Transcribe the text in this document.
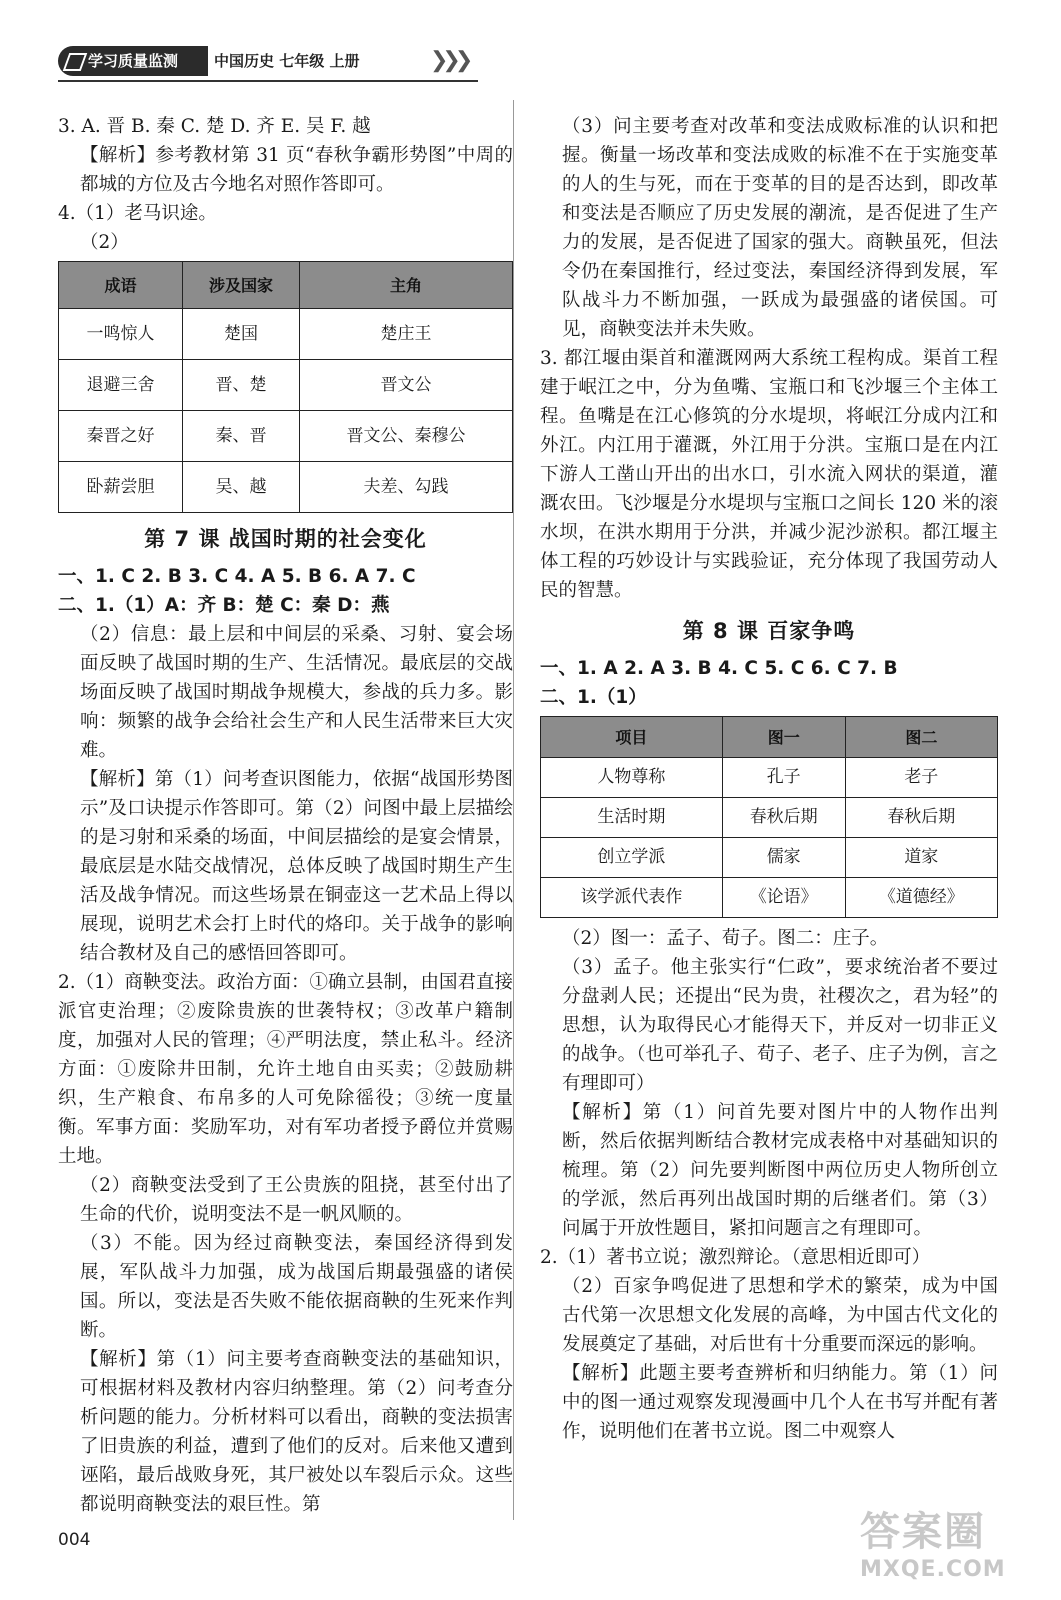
学习质量监测	中国历史 七年级 上册	❯❯❯

3. A. 晋 B. 秦 C. 楚 D. 齐 E. 吴 F. 越

【解析】参考教材第 31 页“春秋争霸形势图”中周的都城的方位及古今地名对照作答即可。

4.（1）老马识途。

（2）

成语	涉及国家	主角
一鸣惊人	楚国	楚庄王
退避三舍	晋、楚	晋文公
秦晋之好	秦、晋	晋文公、秦穆公
卧薪尝胆	吴、越	夫差、勾践
第 7 课 战国时期的社会变化

一、1. C 2. B 3. C 4. A 5. B 6. A 7. C

二、1.（1）A：齐 B：楚 C：秦 D：燕

（2）信息：最上层和中间层的采桑、习射、宴会场面反映了战国时期的生产、生活情况。最底层的交战场面反映了战国时期战争规模大，参战的兵力多。影响：频繁的战争会给社会生产和人民生活带来巨大灾难。

【解析】第（1）问考查识图能力，依据“战国形势图示”及口诀提示作答即可。第（2）问图中最上层描绘的是习射和采桑的场面，中间层描绘的是宴会情景，最底层是水陆交战情况，总体反映了战国时期生产生活及战争情况。而这些场景在铜壶这一艺术品上得以展现，说明艺术会打上时代的烙印。关于战争的影响结合教材及自己的感悟回答即可。

2.（1）商鞅变法。政治方面：①确立县制，由国君直接派官吏治理；②废除贵族的世袭特权；③改革户籍制度，加强对人民的管理；④严明法度，禁止私斗。经济方面：①废除井田制，允许土地自由买卖；②鼓励耕织，生产粮食、布帛多的人可免除徭役；③统一度量衡。军事方面：奖励军功，对有军功者授予爵位并赏赐土地。

（2）商鞅变法受到了王公贵族的阻挠，甚至付出了生命的代价，说明变法不是一帆风顺的。

（3）不能。因为经过商鞅变法，秦国经济得到发展，军队战斗力加强，成为战国后期最强盛的诸侯国。所以，变法是否失败不能依据商鞅的生死来作判断。

【解析】第（1）问主要考查商鞅变法的基础知识，可根据材料及教材内容归纳整理。第（2）问考查分析问题的能力。分析材料可以看出，商鞅的变法损害了旧贵族的利益，遭到了他们的反对。后来他又遭到诬陷，最后战败身死，其尸被处以车裂后示众。这些都说明商鞅变法的艰巨性。第

（3）问主要考查对改革和变法成败标准的认识和把握。衡量一场改革和变法成败的标准不在于实施变革的人的生与死，而在于变革的目的是否达到，即改革和变法是否顺应了历史发展的潮流，是否促进了生产力的发展，是否促进了国家的强大。商鞅虽死，但法令仍在秦国推行，经过变法，秦国经济得到发展，军队战斗力不断加强，一跃成为最强盛的诸侯国。可见，商鞅变法并未失败。

3. 都江堰由渠首和灌溉网两大系统工程构成。渠首工程建于岷江之中，分为鱼嘴、宝瓶口和飞沙堰三个主体工程。鱼嘴是在江心修筑的分水堤坝，将岷江分成内江和外江。内江用于灌溉，外江用于分洪。宝瓶口是在内江下游人工凿山开出的出水口，引水流入网状的渠道，灌溉农田。飞沙堰是分水堤坝与宝瓶口之间长 120 米的滚水坝，在洪水期用于分洪，并减少泥沙淤积。都江堰主体工程的巧妙设计与实践验证，充分体现了我国劳动人民的智慧。

第 8 课 百家争鸣

一、1. A 2. A 3. B 4. C 5. C 6. C 7. B

二、1.（1）

项目	图一	图二
人物尊称	孔子	老子
生活时期	春秋后期	春秋后期
创立学派	儒家	道家
该学派代表作	《论语》	《道德经》

（2）图一：孟子、荀子。图二：庄子。

（3）孟子。他主张实行“仁政”，要求统治者不要过分盘剥人民；还提出“民为贵，社稷次之，君为轻”的思想，认为取得民心才能得天下，并反对一切非正义的战争。（也可举孔子、荀子、老子、庄子为例，言之有理即可）

【解析】第（1）问首先要对图片中的人物作出判断，然后依据判断结合教材完成表格中对基础知识的梳理。第（2）问先要判断图中两位历史人物所创立的学派，然后再列出战国时期的后继者们。第（3）问属于开放性题目，紧扣问题言之有理即可。

2.（1）著书立说；激烈辩论。（意思相近即可）

（2）百家争鸣促进了思想和学术的繁荣，成为中国古代第一次思想文化发展的高峰，为中国古代文化的发展奠定了基础，对后世有十分重要而深远的影响。

【解析】此题主要考查辨析和归纳能力。第（1）问中的图一通过观察发现漫画中几个人在书写并配有著作，说明他们在著书立说。图二中观察人

004	答案圈
MXQE.COM
